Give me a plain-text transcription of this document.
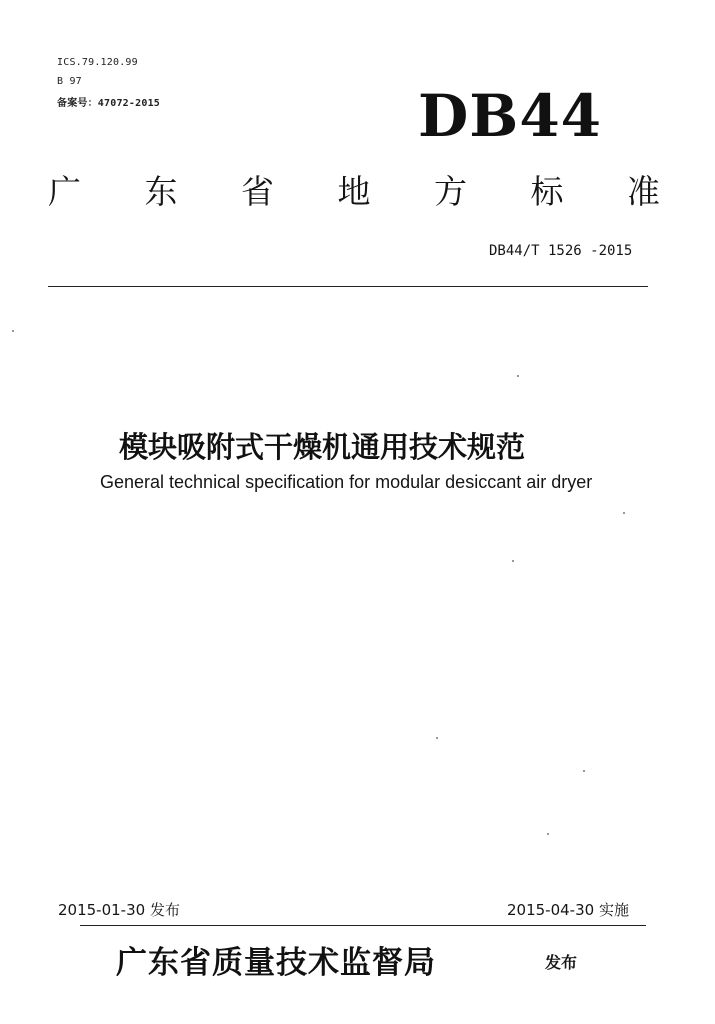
ICS.79.120.99
B 97
备案号：47072-2015	DB44
广 东 省 地 方 标 准
DB44/T 1526 -2015
模块吸附式干燥机通用技术规范
General technical specification for modular desiccant air dryer
2015-01-30 发布	2015-04-30 实施
广东省质量技术监督局	发布
